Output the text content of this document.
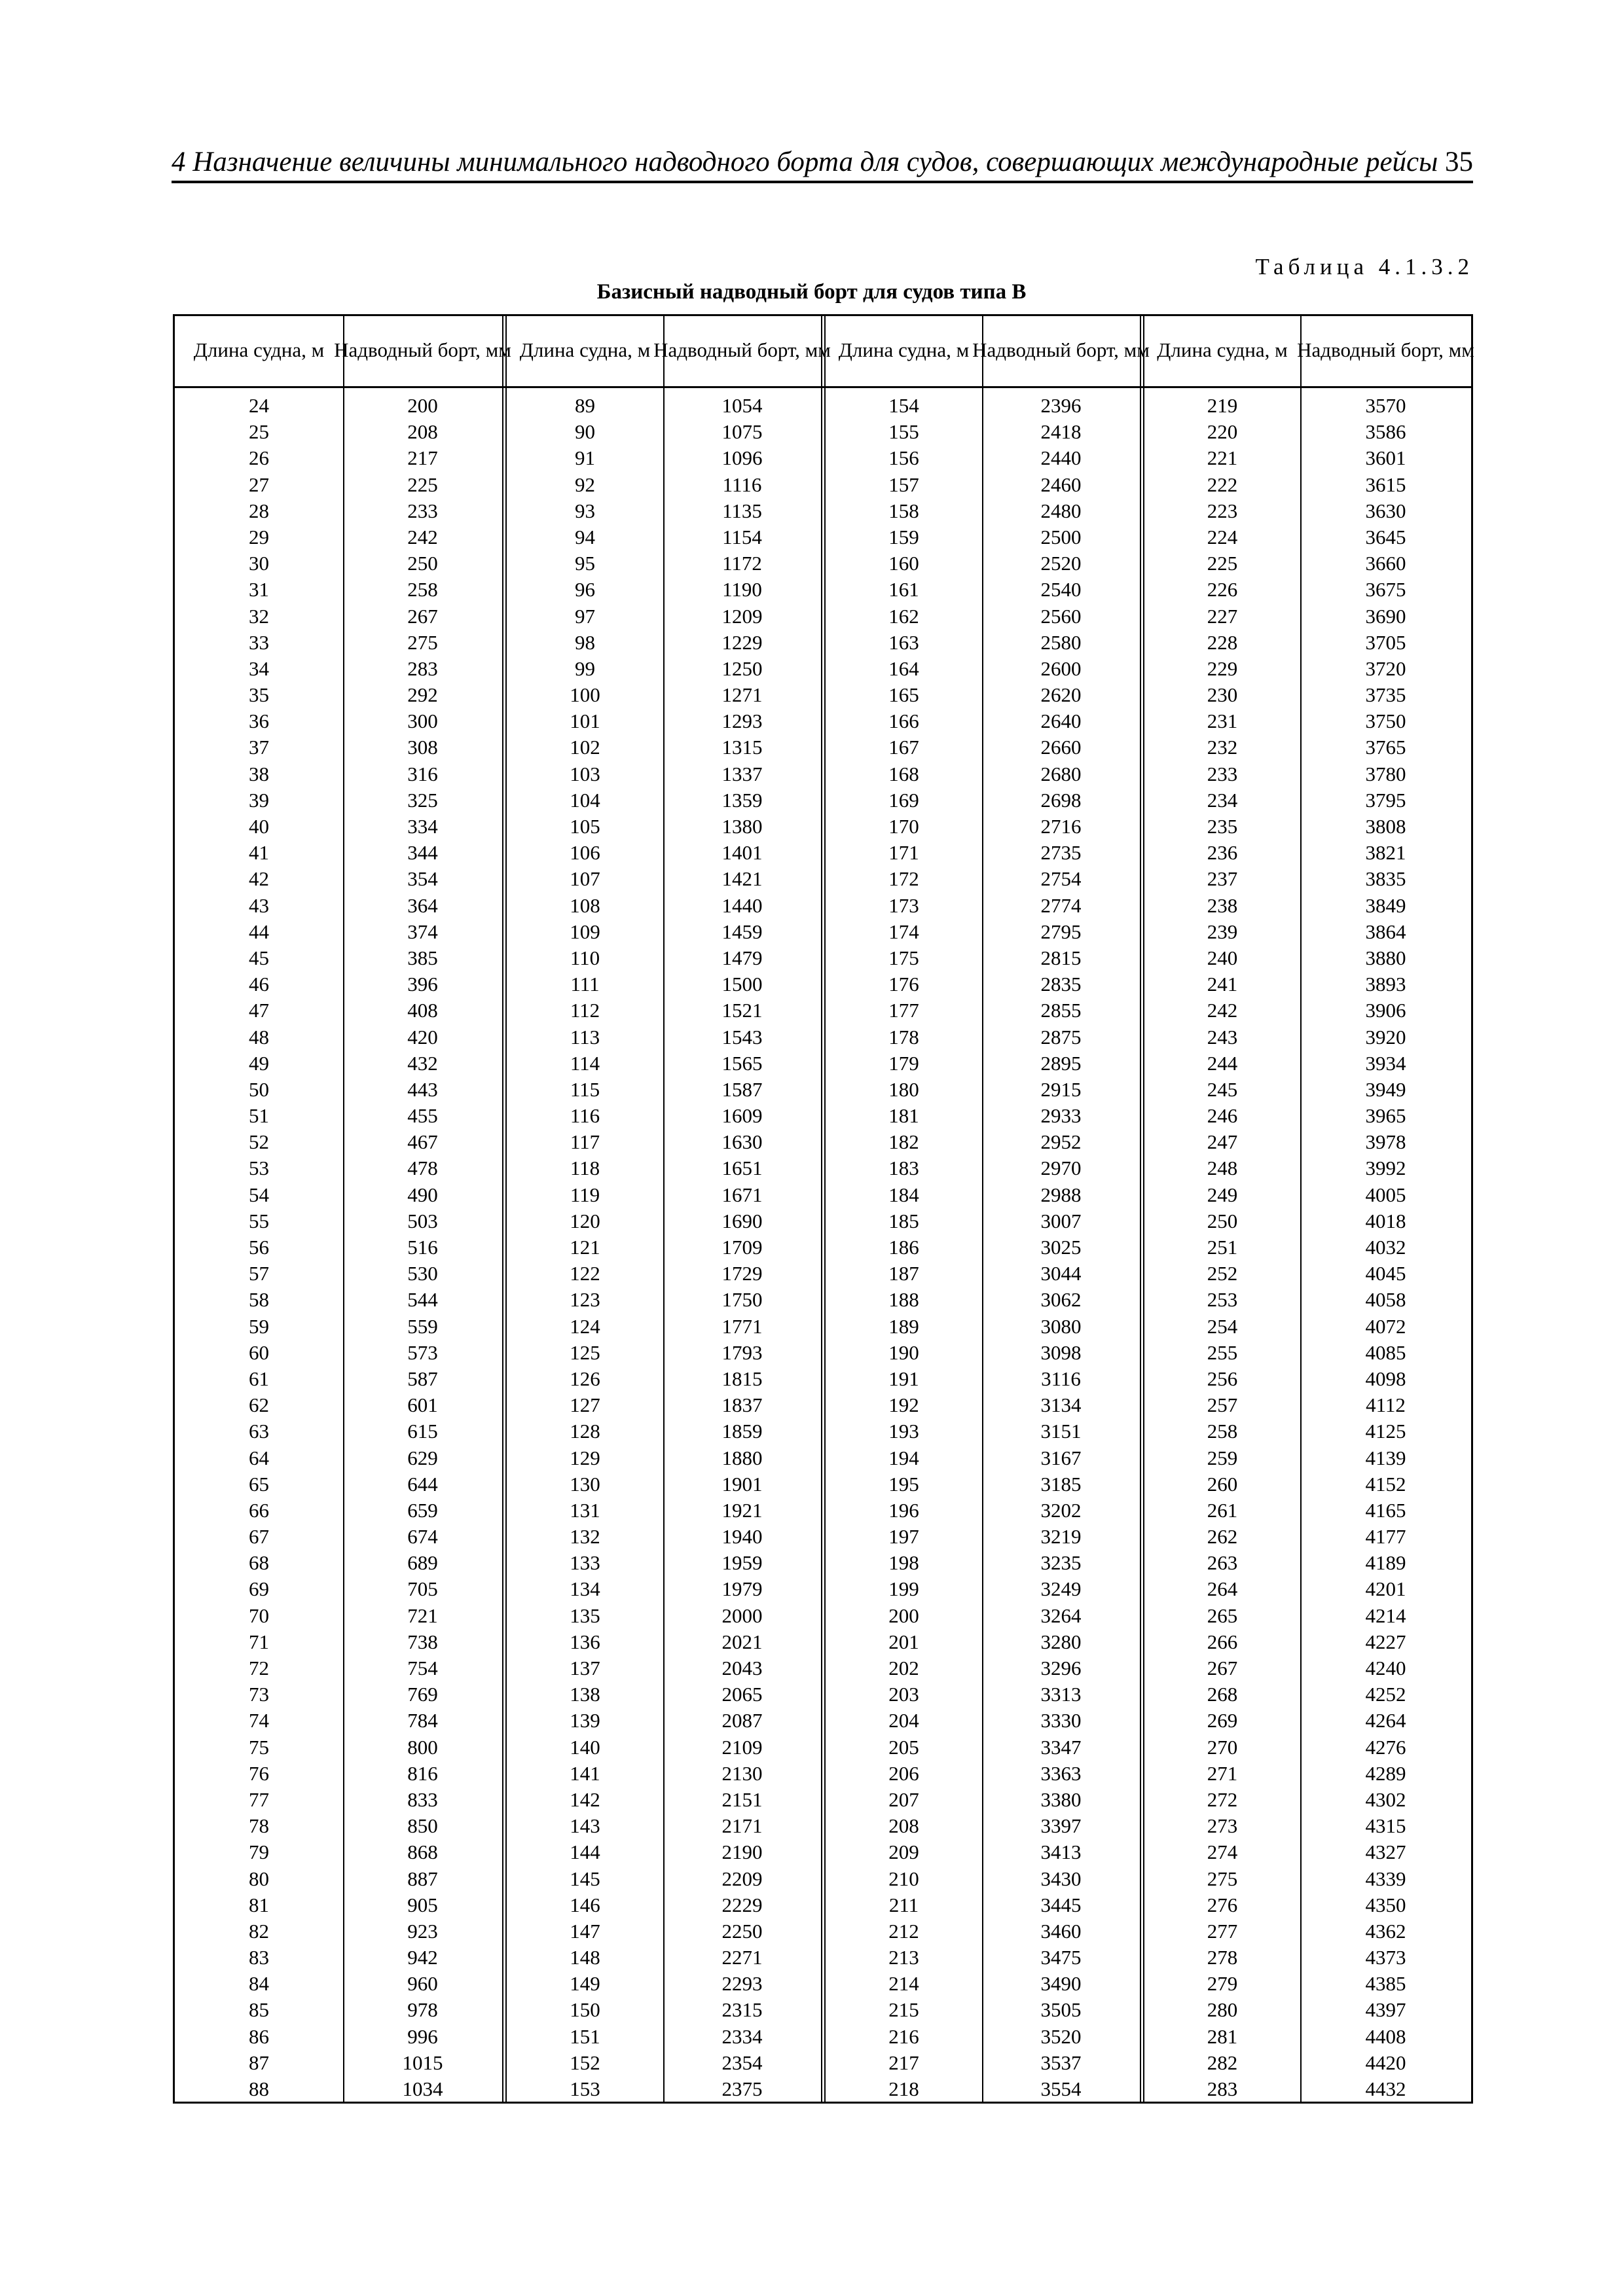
4 Назначение величины минимального надводного борта для судов, совершающих международные рейсы 35
Таблица 4.1.3.2
Базисный надводный борт для судов типа В
Длина судна, м Надводный борт, мм
24
25
26
27
28
29
30
31
32
33
34
35
36
37
38
39
40
41
42
43
44
45
46
47
48
49
50
51
52
53
54
55
56
57
58
59
60
61
62
63
64
65
66
67
68
69
70
71
72
73
74
75
76
77
78
79
80
81
82
83
84
85
86
87
88
200
208
217
225
233
242
250
258
267
275
283
292
300
308
316
325
334
344
354
364
374
385
396
408
420
432
443
455
467
478
490
503
516
530
544
559
573
587
601
615
629
644
659
674
689
705
721
738
754
769
784
800
816
833
850
868
887
905
923
942
960
978
996
1015
1034
Длина судна, м Надводный борт, мм
89
90
91
92
93
94
95
96
97
98
99
100
101
102
103
104
105
106
107
108
109
110
111
112
113
114
115
116
117
118
119
120
121
122
123
124
125
126
127
128
129
130
131
132
133
134
135
136
137
138
139
140
141
142
143
144
145
146
147
148
149
150
151
152
153
1054
1075
1096
1116
1135
1154
1172
1190
1209
1229
1250
1271
1293
1315
1337
1359
1380
1401
1421
1440
1459
1479
1500
1521
1543
1565
1587
1609
1630
1651
1671
1690
1709
1729
1750
1771
1793
1815
1837
1859
1880
1901
1921
1940
1959
1979
2000
2021
2043
2065
2087
2109
2130
2151
2171
2190
2209
2229
2250
2271
2293
2315
2334
2354
2375
Длина судна, м Надводный борт, мм
154
155
156
157
158
159
160
161
162
163
164
165
166
167
168
169
170
171
172
173
174
175
176
177
178
179
180
181
182
183
184
185
186
187
188
189
190
191
192
193
194
195
196
197
198
199
200
201
202
203
204
205
206
207
208
209
210
211
212
213
214
215
216
217
218
2396
2418
2440
2460
2480
2500
2520
2540
2560
2580
2600
2620
2640
2660
2680
2698
2716
2735
2754
2774
2795
2815
2835
2855
2875
2895
2915
2933
2952
2970
2988
3007
3025
3044
3062
3080
3098
3116
3134
3151
3167
3185
3202
3219
3235
3249
3264
3280
3296
3313
3330
3347
3363
3380
3397
3413
3430
3445
3460
3475
3490
3505
3520
3537
3554
Длина судна, м Надводный борт, мм
219
220
221
222
223
224
225
226
227
228
229
230
231
232
233
234
235
236
237
238
239
240
241
242
243
244
245
246
247
248
249
250
251
252
253
254
255
256
257
258
259
260
261
262
263
264
265
266
267
268
269
270
271
272
273
274
275
276
277
278
279
280
281
282
283
3570
3586
3601
3615
3630
3645
3660
3675
3690
3705
3720
3735
3750
3765
3780
3795
3808
3821
3835
3849
3864
3880
3893
3906
3920
3934
3949
3965
3978
3992
4005
4018
4032
4045
4058
4072
4085
4098
4112
4125
4139
4152
4165
4177
4189
4201
4214
4227
4240
4252
4264
4276
4289
4302
4315
4327
4339
4350
4362
4373
4385
4397
4408
4420
4432
